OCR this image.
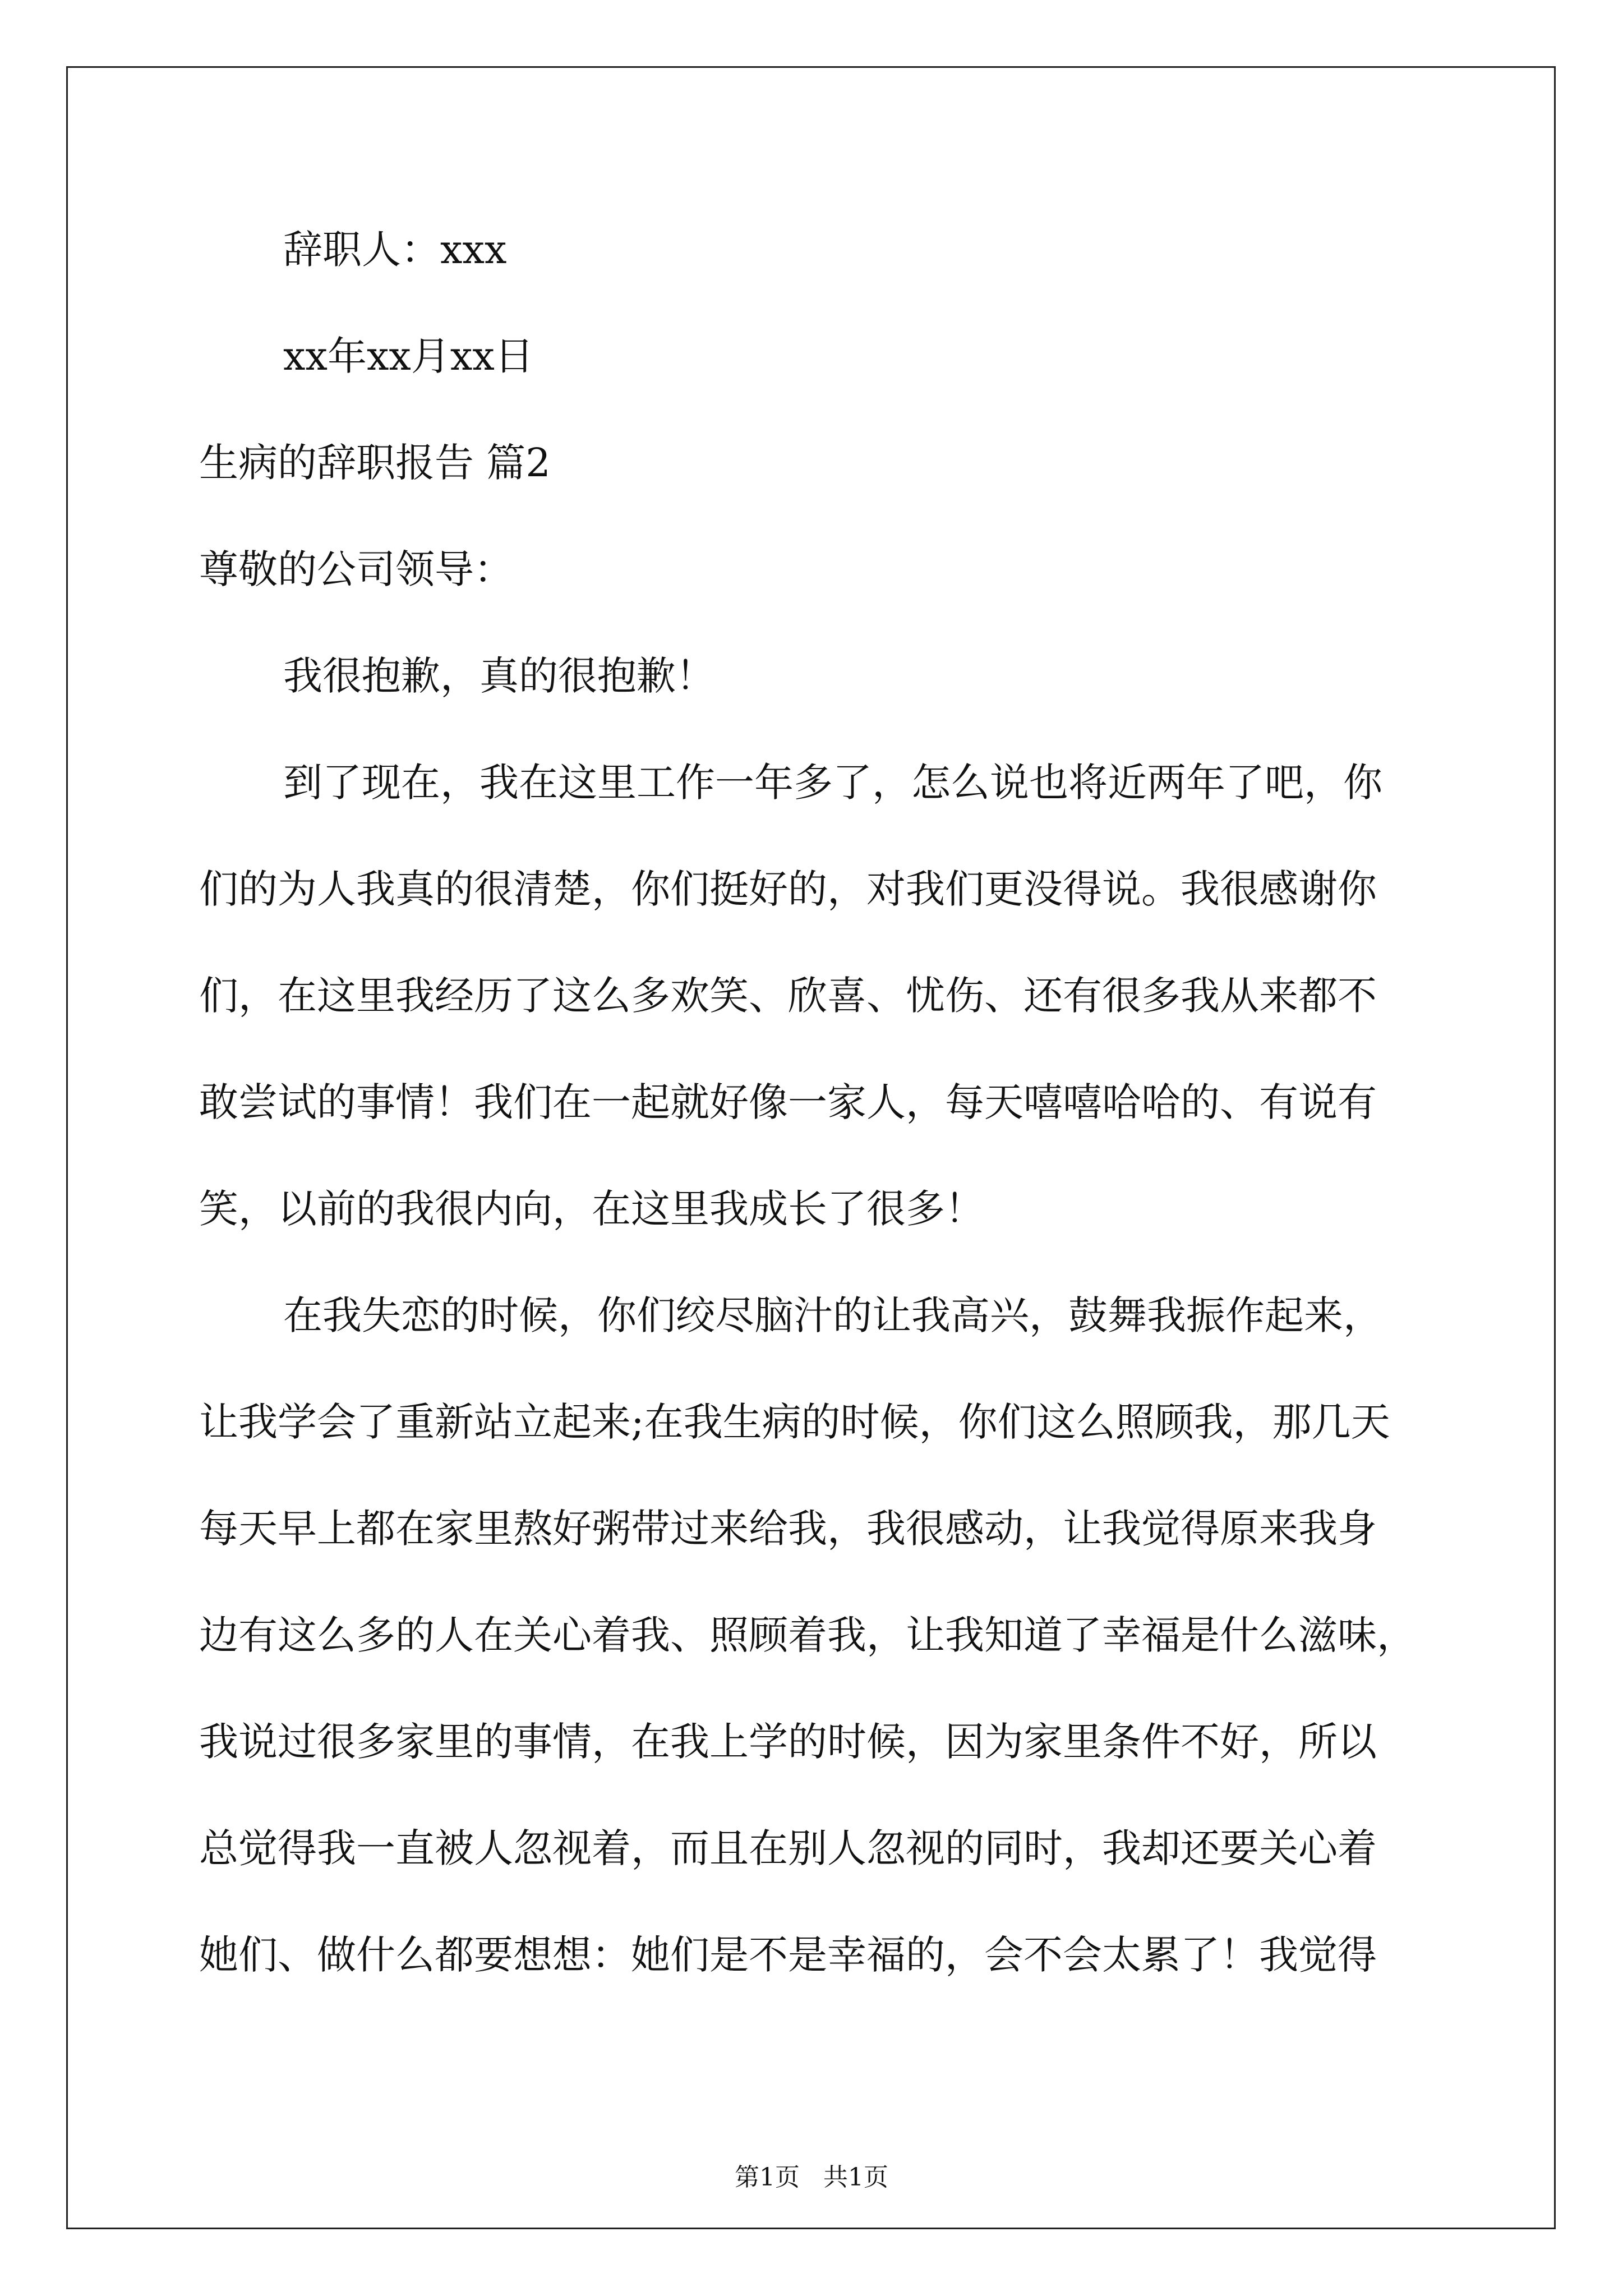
辞职人：xxx
xx年xx月xx日
生病的辞职报告 篇2
尊敬的公司领导：
我很抱歉，真的很抱歉！
到了现在，我在这里工作一年多了，怎么说也将近两年了吧，你
们的为人我真的很清楚，你们挺好的，对我们更没得说。我很感谢你
们，在这里我经历了这么多欢笑、欣喜、忧伤、还有很多我从来都不
敢尝试的事情！我们在一起就好像一家人，每天嘻嘻哈哈的、有说有
笑，以前的我很内向，在这里我成长了很多！
在我失恋的时候，你们绞尽脑汁的让我高兴，鼓舞我振作起来，
让我学会了重新站立起来;在我生病的时候，你们这么照顾我，那几天
每天早上都在家里熬好粥带过来给我，我很感动，让我觉得原来我身
边有这么多的人在关心着我、照顾着我，让我知道了幸福是什么滋味，
我说过很多家里的事情，在我上学的时候，因为家里条件不好，所以
总觉得我一直被人忽视着，而且在别人忽视的同时，我却还要关心着
她们、做什么都要想想：她们是不是幸福的，会不会太累了！我觉得
第1页   共1页
